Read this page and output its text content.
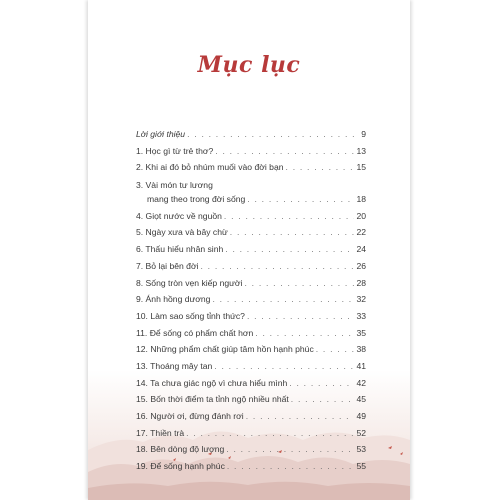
Mục lục
Lời giới thiệu . . .	9
1. Học gì từ trẻ thơ? . . .	13
2. Khi ai đó bỏ nhúm muối vào đời bạn . . .	15
3. Vài món tư lương
mang theo trong đời sống . . .	18
4. Giọt nước về nguồn . . .	20
5. Ngày xưa và bây chừ . . .	22
6. Thấu hiểu nhân sinh . . .	24
7. Bỏ lại bên đời . . .	26
8. Sống tròn vẹn kiếp người . . .	28
9. Ánh hồng dương . . .	32
10. Làm sao sống tỉnh thức? . . .	33
11. Để sống có phẩm chất hơn . . .	35
12. Những phẩm chất giúp tâm hồn hạnh phúc . . .	38
13. Thoáng mây tan . . .	41
14. Ta chưa giác ngộ vì chưa hiểu mình . . .	42
15. Bốn thời điểm ta tỉnh ngộ nhiều nhất . . .	45
16. Người ơi, đừng đánh rơi . . .	49
17. Thiền trà . . .	52
18. Bên dòng độ lượng . . .	53
19. Để sống hạnh phúc . . .	55
